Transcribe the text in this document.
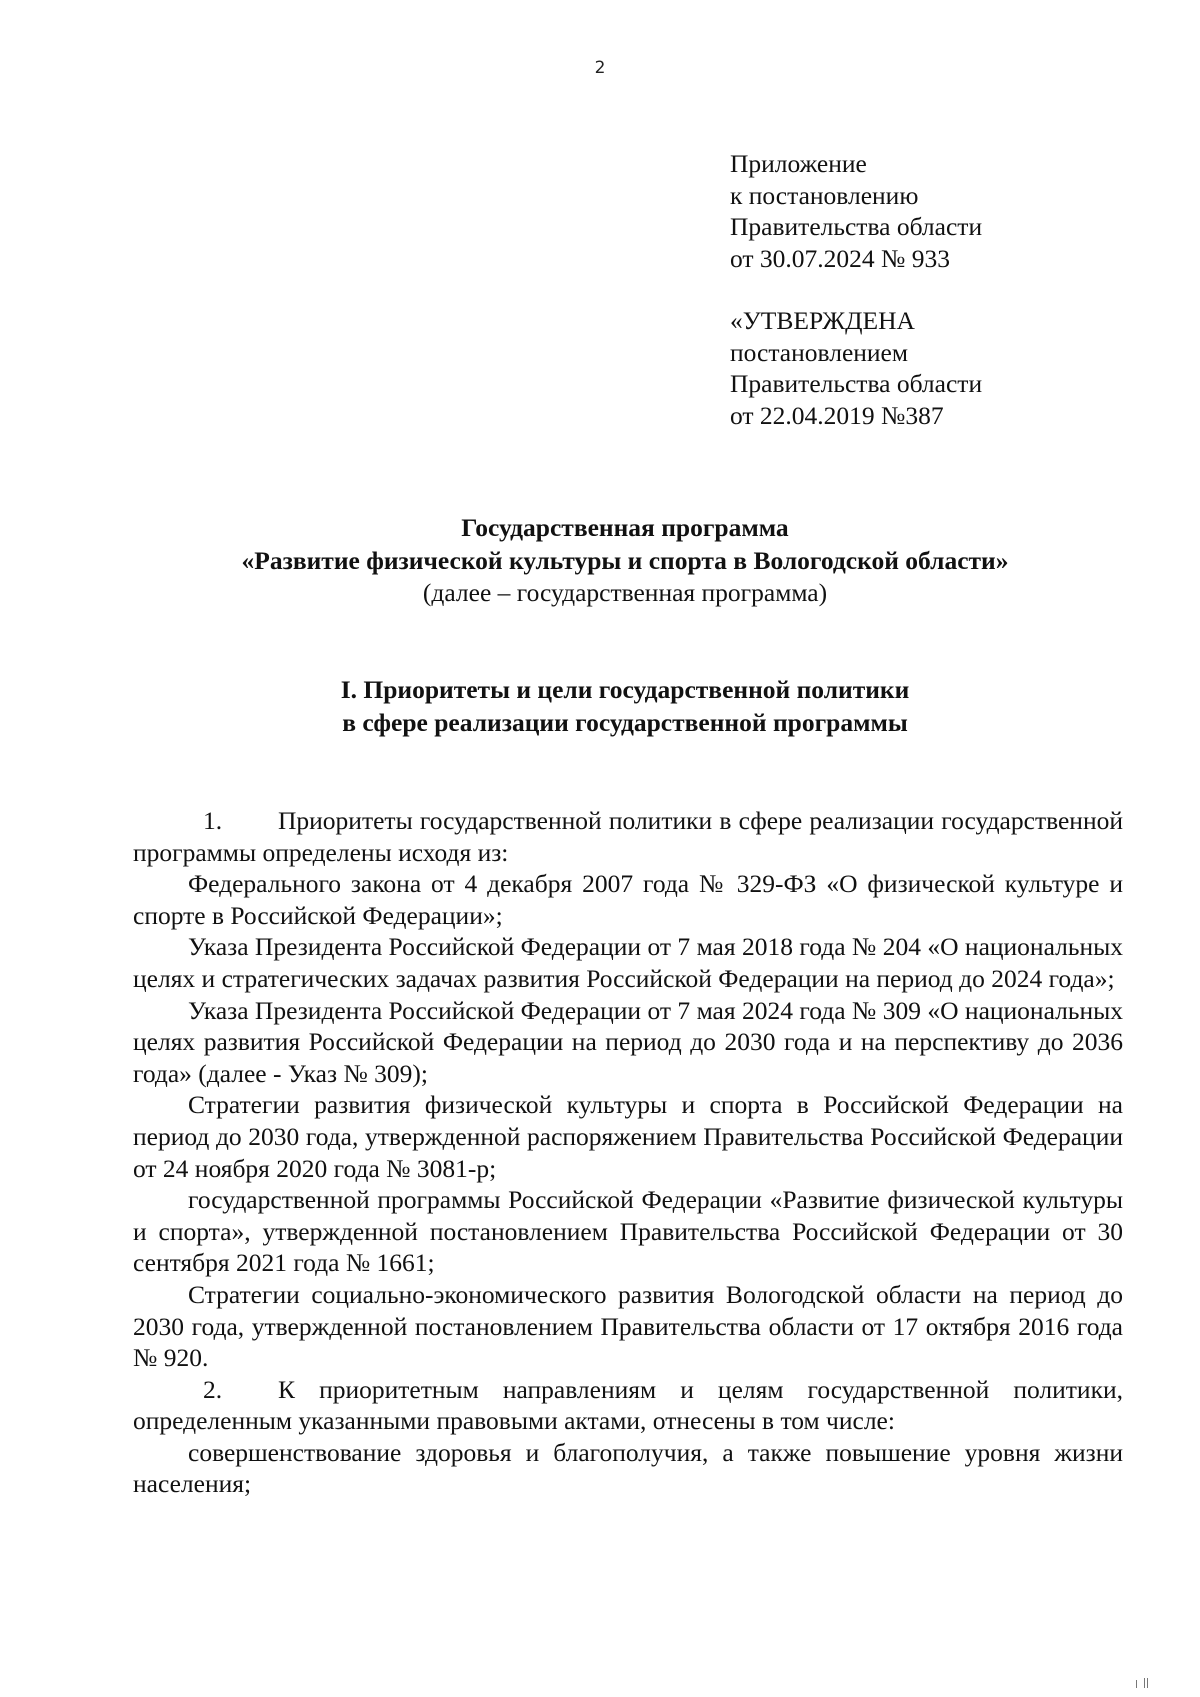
2
Приложение
к постановлению
Правительства области
от 30.07.2024 № 933
«УТВЕРЖДЕНА
постановлением
Правительства области
от 22.04.2019 №387
Государственная программа
«Развитие физической культуры и спорта в Вологодской области»
(далее – государственная программа)
I. Приоритеты и цели государственной политики
в сфере реализации государственной программы

1. Приоритеты государственной политики в сфере реализации государственной программы определены исходя из:

Федерального закона от 4 декабря 2007 года № 329-ФЗ «О физической культуре и спорте в Российской Федерации»;

Указа Президента Российской Федерации от 7 мая 2018 года № 204 «О национальных целях и стратегических задачах развития Российской Федерации на период до 2024 года»;

Указа Президента Российской Федерации от 7 мая 2024 года № 309 «О национальных целях развития Российской Федерации на период до 2030 года и на перспективу до 2036 года» (далее - Указ № 309);

Стратегии развития физической культуры и спорта в Российской Федерации на период до 2030 года, утвержденной распоряжением Правительства Российской Федерации от 24 ноября 2020 года № 3081-р;

государственной программы Российской Федерации «Развитие физической культуры и спорта», утвержденной постановлением Правительства Российской Федерации от 30 сентября 2021 года № 1661;

Стратегии социально-экономического развития Вологодской области на период до 2030 года, утвержденной постановлением Правительства области от 17 октября 2016 года № 920.

2. К приоритетным направлениям и целям государственной политики, определенным указанными правовыми актами, отнесены в том числе:

совершенствование здоровья и благополучия, а также повышение уровня жизни населения;
